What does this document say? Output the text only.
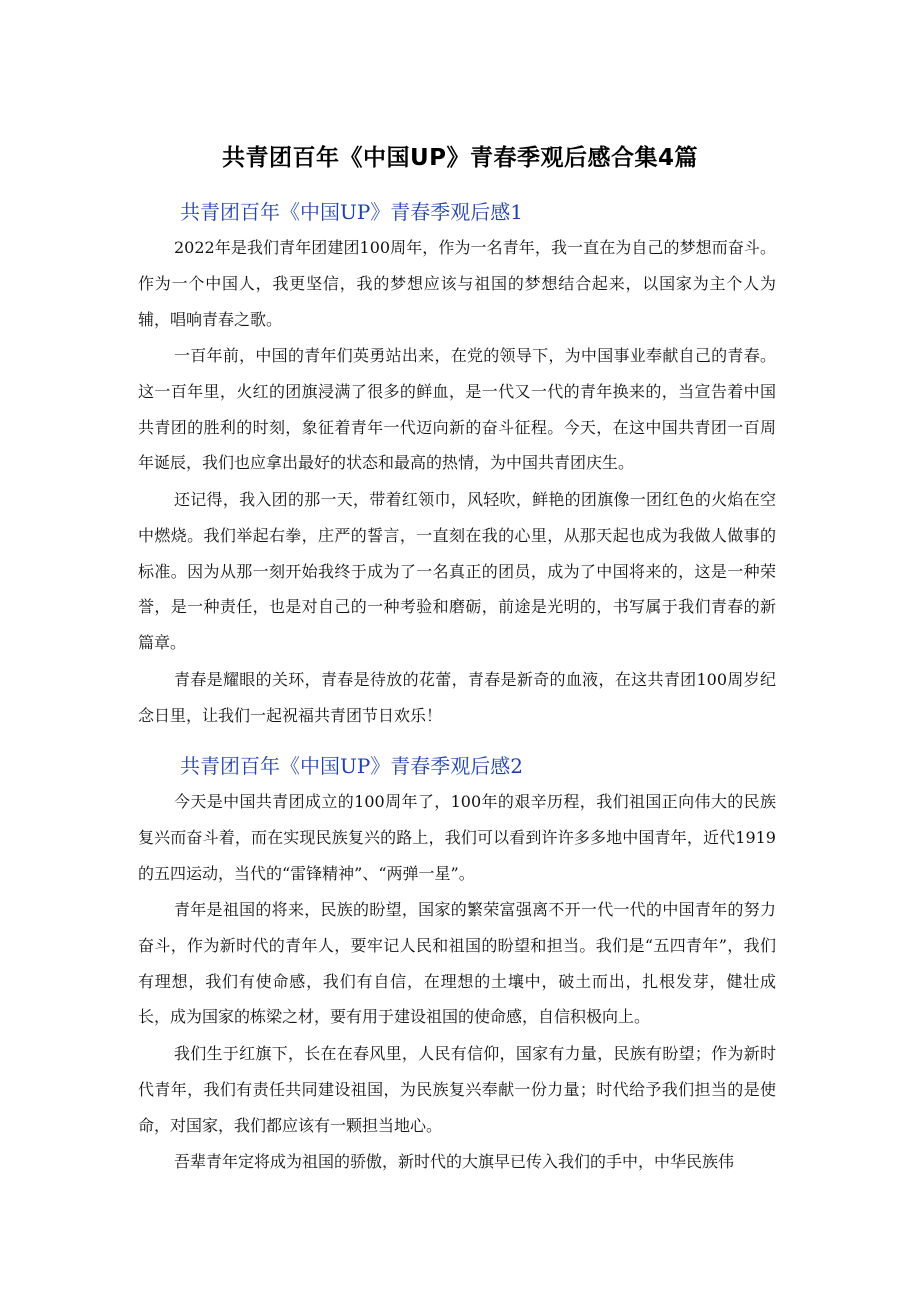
共青团百年《中国UP》青春季观后感合集4篇
共青团百年《中国UP》青春季观后感1

2022年是我们青年团建团100周年，作为一名青年，我一直在为自己的梦想而奋斗。作为一个中国人，我更坚信，我的梦想应该与祖国的梦想结合起来，以国家为主个人为辅，唱响青春之歌。

一百年前，中国的青年们英勇站出来，在党的领导下，为中国事业奉献自己的青春。这一百年里，火红的团旗浸满了很多的鲜血，是一代又一代的青年换来的，当宣告着中国共青团的胜利的时刻，象征着青年一代迈向新的奋斗征程。今天，在这中国共青团一百周年诞辰，我们也应拿出最好的状态和最高的热情，为中国共青团庆生。

还记得，我入团的那一天，带着红领巾，风轻吹，鲜艳的团旗像一团红色的火焰在空中燃烧。我们举起右拳，庄严的誓言，一直刻在我的心里，从那天起也成为我做人做事的标准。因为从那一刻开始我终于成为了一名真正的团员，成为了中国将来的，这是一种荣誉，是一种责任，也是对自己的一种考验和磨砺，前途是光明的，书写属于我们青春的新篇章。

青春是耀眼的关环，青春是待放的花蕾，青春是新奇的血液，在这共青团100周岁纪念日里，让我们一起祝福共青团节日欢乐！

共青团百年《中国UP》青春季观后感2

今天是中国共青团成立的100周年了，100年的艰辛历程，我们祖国正向伟大的民族复兴而奋斗着，而在实现民族复兴的路上，我们可以看到许许多多地中国青年，近代1919的五四运动，当代的“雷锋精神”、“两弹一星”。

青年是祖国的将来，民族的盼望，国家的繁荣富强离不开一代一代的中国青年的努力奋斗，作为新时代的青年人，要牢记人民和祖国的盼望和担当。我们是“五四青年”，我们有理想，我们有使命感，我们有自信，在理想的土壤中，破土而出，扎根发芽，健壮成长，成为国家的栋梁之材，要有用于建设祖国的使命感，自信积极向上。

我们生于红旗下，长在在春风里，人民有信仰，国家有力量，民族有盼望；作为新时代青年，我们有责任共同建设祖国，为民族复兴奉献一份力量；时代给予我们担当的是使命，对国家，我们都应该有一颗担当地心。

吾辈青年定将成为祖国的骄傲，新时代的大旗早已传入我们的手中，中华民族伟
